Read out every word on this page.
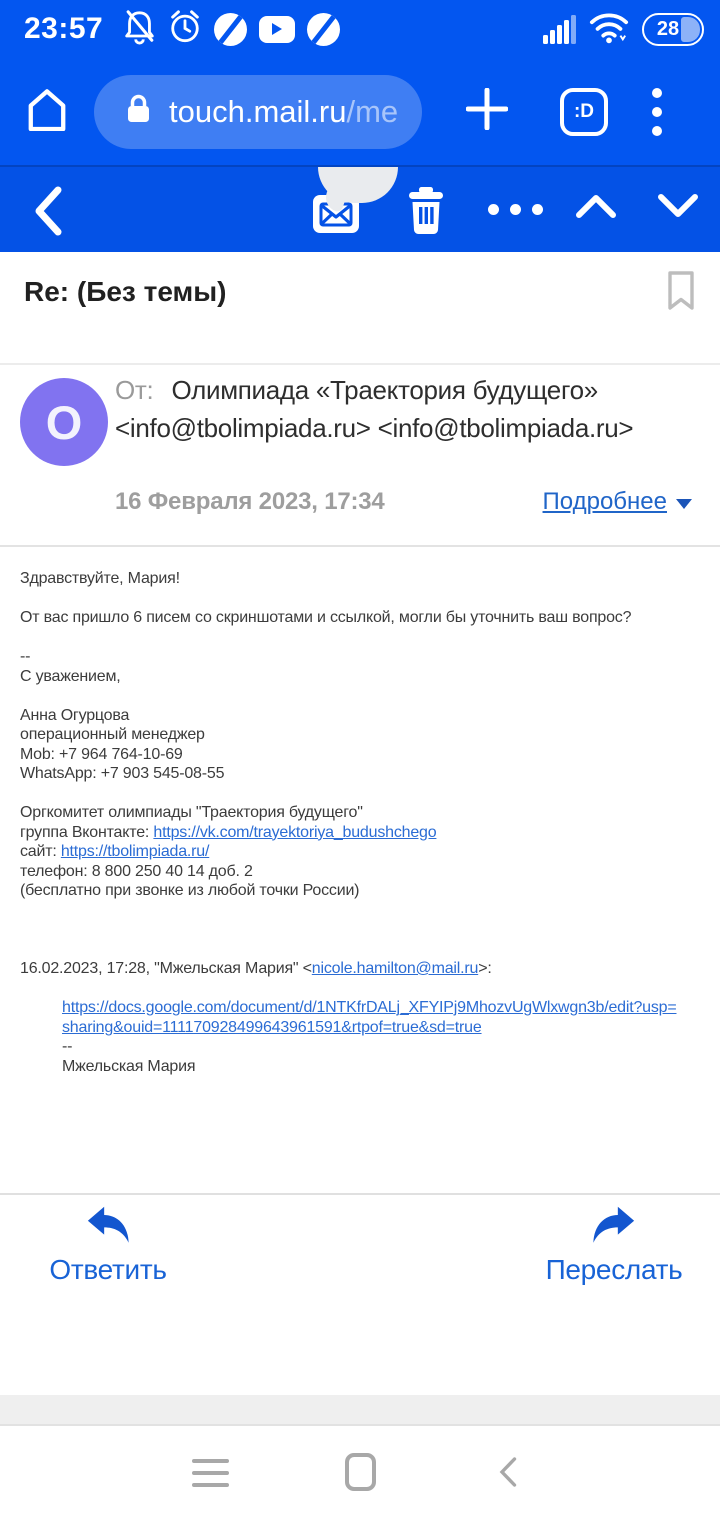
23:57	28
touch.mail.ru/me	:D
Re: (Без темы)
O
От: Олимпиада «Траектория будущего» <info@tbolimpiada.ru> <info@tbolimpiada.ru>
16 Февраля 2023, 17:34	Подробнее
Здравствуйте, Мария!

От вас пришло 6 писем со скриншотами и ссылкой, могли бы уточнить ваш вопрос?

--
С уважением,

Анна Огурцова
операционный менеджер
Mob: +7 964 764-10-69
WhatsApp: +7 903 545-08-55

Оргкомитет олимпиады "Траектория будущего"
группа Вконтакте: https://vk.com/trayektoriya_budushchego
сайт: https://tbolimpiada.ru/
телефон: 8 800 250 40 14 доб. 2
(бесплатно при звонке из любой точки России)

16.02.2023, 17:28, "Мжельская Мария" <nicole.hamilton@mail.ru>:

https://docs.google.com/document/d/1NTKfrDALj_XFYIPj9MhozvUgWlxwgn3b/edit?usp=sharing&ouid=111170928499643961591&rtpof=true&sd=true
--
Мжельская Мария
Ответить	Переслать
